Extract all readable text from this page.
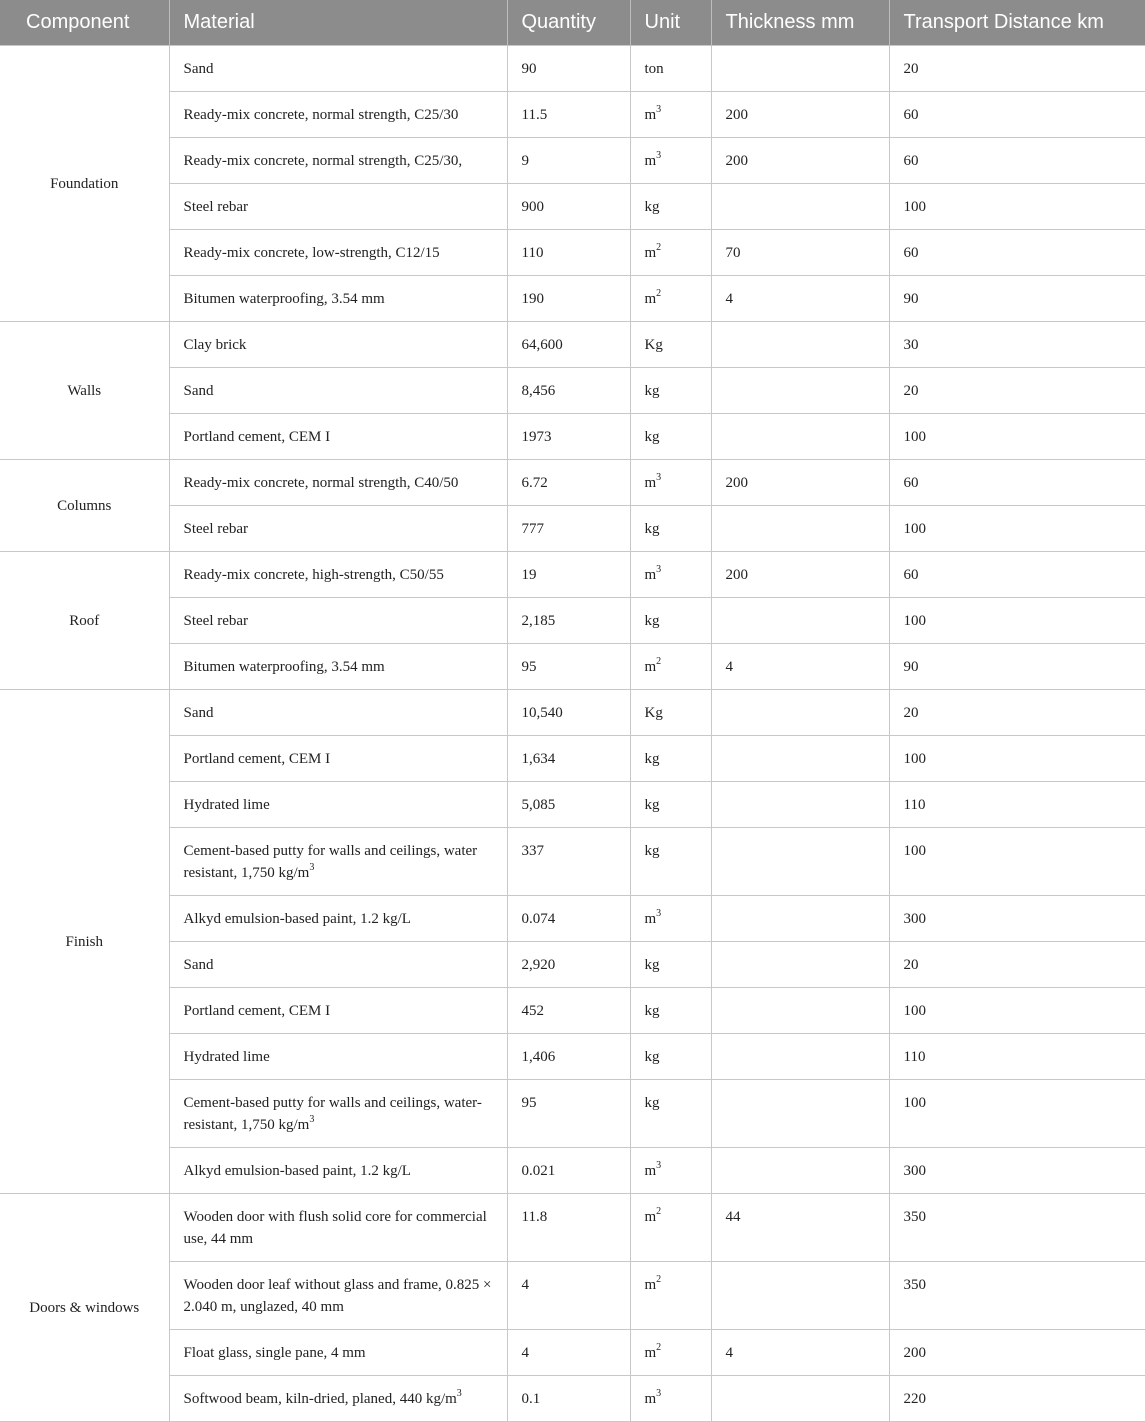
Component	Material	Quantity	Unit	Thickness mm	Transport Distance km
Foundation	Sand	90	ton		20
	Ready-mix concrete, normal strength, C25/30	11.5	$m^3$	200	60
	Ready-mix concrete, normal strength, C25/30,	9	$m^3$	200	60
	Steel rebar	900	kg		100
	Ready-mix concrete, low-strength, C12/15	110	$m^2$	70	60
	Bitumen waterproofing, 3.54 mm	190	$m^2$	4	90
Walls	Clay brick	64,600	Kg		30
	Sand	8,456	kg		20
	Portland cement, CEM I	1973	kg		100
Columns	Ready-mix concrete, normal strength, C40/50	6.72	$m^3$	200	60
	Steel rebar	777	kg		100
Roof	Ready-mix concrete, high-strength, C50/55	19	$m^3$	200	60
	Steel rebar	2,185	kg		100
	Bitumen waterproofing, 3.54 mm	95	$m^2$	4	90
Finish	Sand	10,540	Kg		20
	Portland cement, CEM I	1,634	kg		100
	Hydrated lime	5,085	kg		110
	Cement-based putty for walls and ceilings, water resistant, 1,750 $kg/m^3$	337	kg		100
	Alkyd emulsion-based paint, 1.2 kg/L	0.074	$m^3$		300
	Sand	2,920	kg		20
	Portland cement, CEM I	452	kg		100
	Hydrated lime	1,406	kg		110
	Cement-based putty for walls and ceilings, water-resistant, 1,750 $kg/m^3$	95	kg		100
	Alkyd emulsion-based paint, 1.2 kg/L	0.021	$m^3$		300
Doors & windows	Wooden door with flush solid core for commercial use, 44 mm	11.8	$m^2$	44	350
	Wooden door leaf without glass and frame, 0.825 × 2.040 m, unglazed, 40 mm	4	$m^2$		350
	Float glass, single pane, 4 mm	4	$m^2$	4	200
	Softwood beam, kiln-dried, planed, 440 $kg/m^3$	0.1	$m^3$		220
